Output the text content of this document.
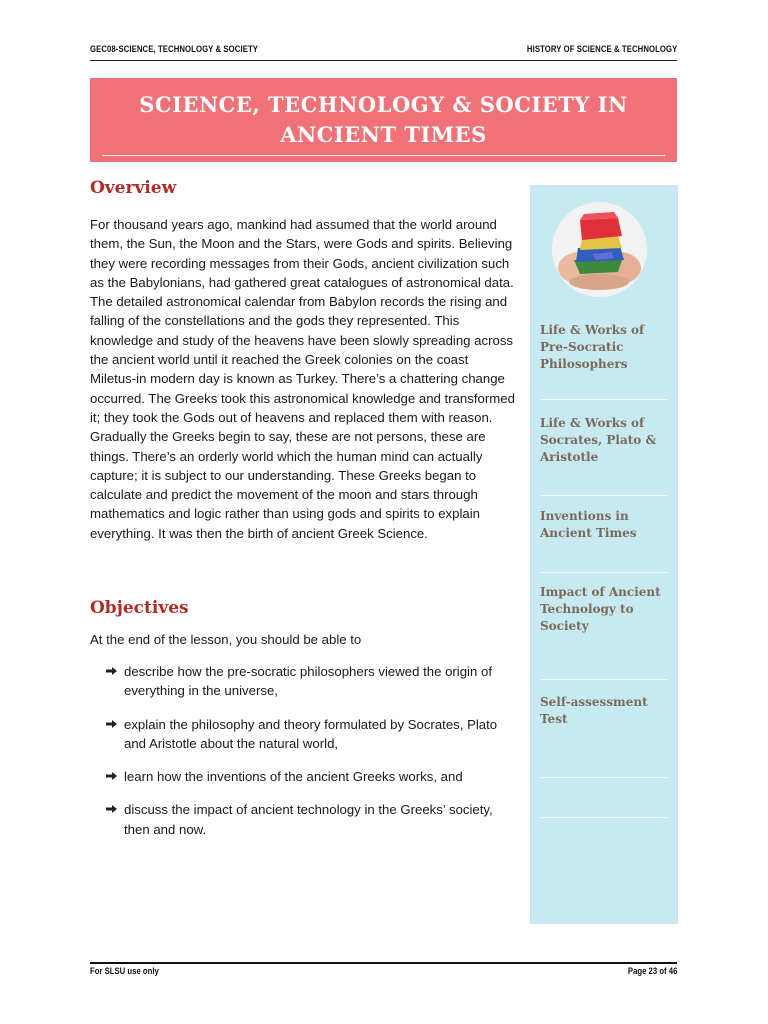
GEC08-SCIENCE, TECHNOLOGY & SOCIETY	HISTORY OF SCIENCE & TECHNOLOGY
SCIENCE, TECHNOLOGY & SOCIETY IN
ANCIENT TIMES
Overview
For thousand years ago, mankind had assumed that the world around them, the Sun, the Moon and the Stars, were Gods and spirits. Believing they were recording messages from their Gods, ancient civilization such as the Babylonians, had gathered great catalogues of astronomical data. The detailed astronomical calendar from Babylon records the rising and falling of the constellations and the gods they represented. This knowledge and study of the heavens have been slowly spreading across the ancient world until it reached the Greek colonies on the coast Miletus-in modern day is known as Turkey. There’s a chattering change occurred. The Greeks took this astronomical knowledge and transformed it; they took the Gods out of heavens and replaced them with reason. Gradually the Greeks begin to say, these are not persons, these are things. There’s an orderly world which the human mind can actually capture; it is subject to our understanding. These Greeks began to calculate and predict the movement of the moon and stars through mathematics and logic rather than using gods and spirits to explain everything. It was then the birth of ancient Greek Science.
Objectives
At the end of the lesson, you should be able to
describe how the pre-socratic philosophers viewed the origin of everything in the universe,
explain the philosophy and theory formulated by Socrates, Plato and Aristotle about the natural world,
learn how the inventions of the ancient Greeks works, and
discuss the impact of ancient technology in the Greeks’ society, then and now.
Life & Works of Pre-Socratic Philosophers
Life & Works of Socrates, Plato & Aristotle
Inventions in Ancient Times
Impact of Ancient Technology to Society
Self-assessment Test
For SLSU use only	Page 23 of 46
